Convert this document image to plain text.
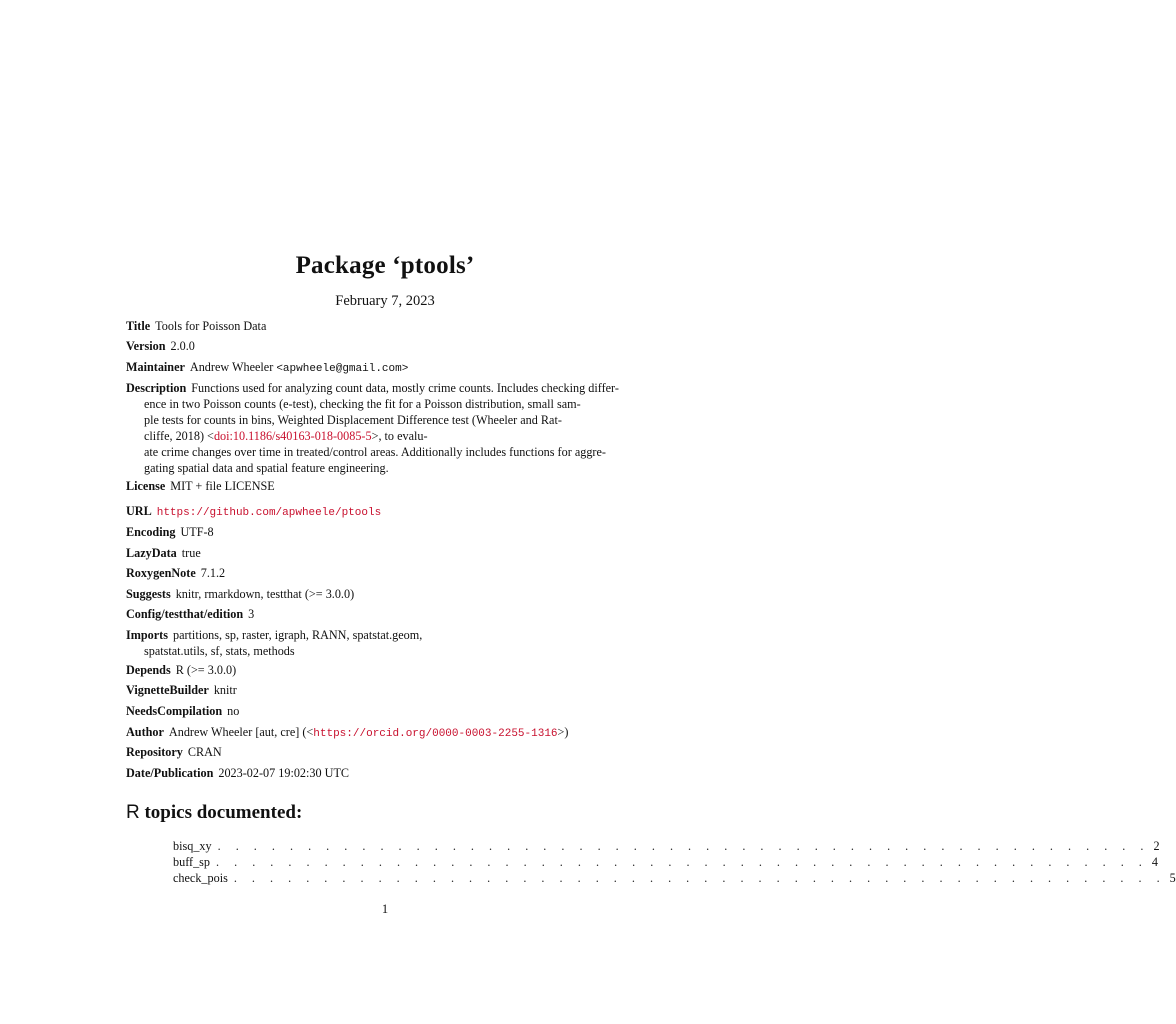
Package ‘ptools’
February 7, 2023
Title Tools for Poisson Data
Version 2.0.0
Maintainer Andrew Wheeler <apwheele@gmail.com>
Description Functions used for analyzing count data, mostly crime counts. Includes checking differ-
ence in two Poisson counts (e-test), checking the fit for a Poisson distribution, small sam-
ple tests for counts in bins, Weighted Displacement Difference test (Wheeler and Rat-
cliffe, 2018) <doi:10.1186/s40163-018-0085-5>, to evalu-
ate crime changes over time in treated/control areas. Additionally includes functions for aggre-
gating spatial data and spatial feature engineering.
License MIT + file LICENSE
URL https://github.com/apwheele/ptools
Encoding UTF-8
LazyData true
RoxygenNote 7.1.2
Suggests knitr, rmarkdown, testthat (>= 3.0.0)
Config/testthat/edition 3
Imports partitions, sp, raster, igraph, RANN, spatstat.geom,
spatstat.utils, sf, stats, methods
Depends R (>= 3.0.0)
VignetteBuilder knitr
NeedsCompilation no
Author Andrew Wheeler [aut, cre] (<https://orcid.org/0000-0003-2255-1316>)
Repository CRAN
Date/Publication 2023-02-07 19:02:30 UTC
R topics documented:
bisq_xy . . . . . . . . . . . . . . . . . . . . . . . . . . . . . . . . . . . . . . . . . . . . . . . . . . . . 2
buff_sp . . . . . . . . . . . . . . . . . . . . . . . . . . . . . . . . . . . . . . . . . . . . . . . . . . . . 4
check_pois . . . . . . . . . . . . . . . . . . . . . . . . . . . . . . . . . . . . . . . . . . . . . . . . . . . . 5
1
